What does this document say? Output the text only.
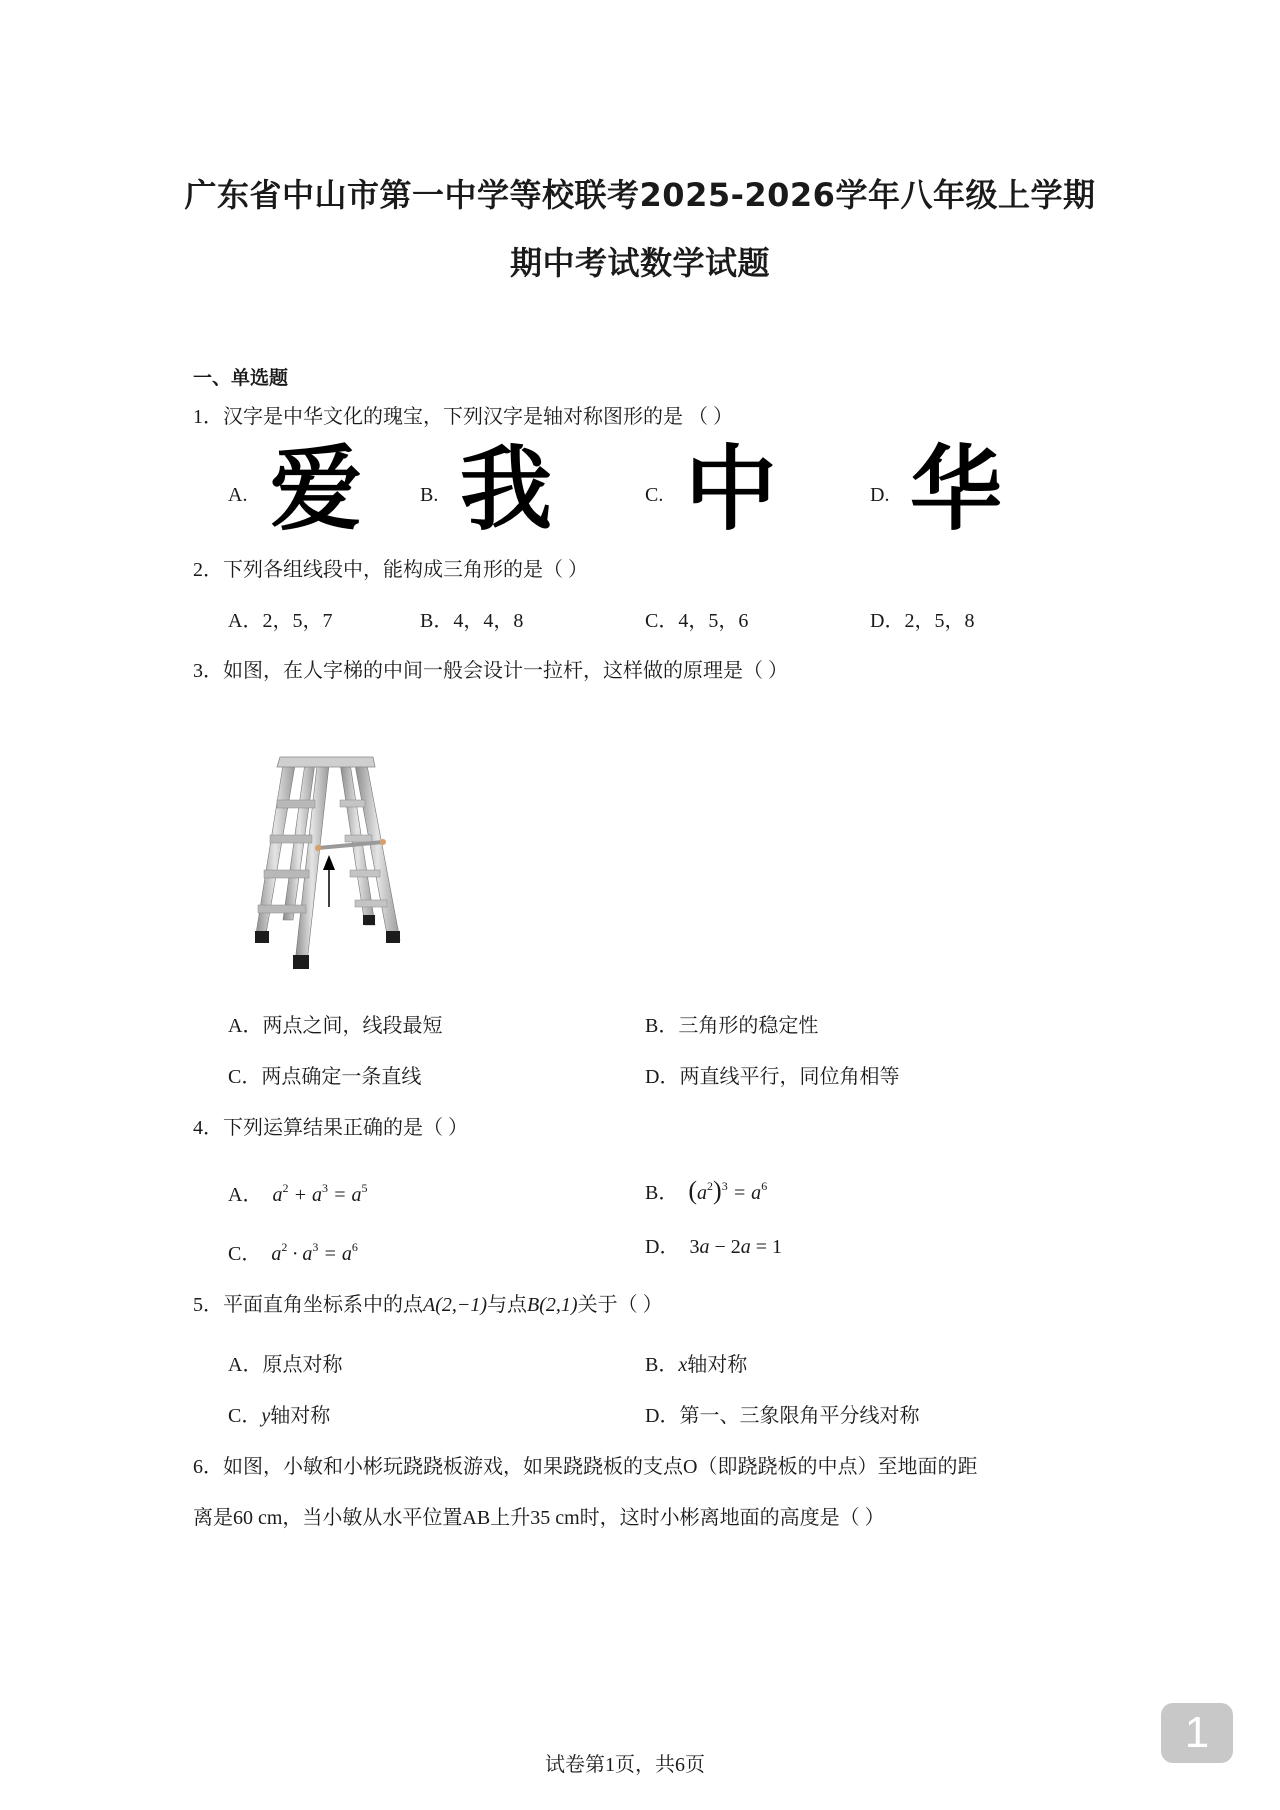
广东省中山市第一中学等校联考2025-2026学年八年级上学期
期中考试数学试题
一、单选题
1．汉字是中华文化的瑰宝，下列汉字是轴对称图形的是 （ ）
A. 爱	B. 我	C. 中	D. 华
2．下列各组线段中，能构成三角形的是（ ）
A．2，5，7	B．4，4，8	C．4，5，6	D．2，5，8
3．如图，在人字梯的中间一般会设计一拉杆，这样做的原理是（ ）
A．两点之间，线段最短	B．三角形的稳定性
C．两点确定一条直线	D．两直线平行，同位角相等
4．下列运算结果正确的是（ ）
A．  $a^2 + a^3 = a^5$	B． $(a^2)^3 = a^6$
C．  $a^2 \cdot a^3 = a^6$	D．  3a − 2a = 1
5．平面直角坐标系中的点A(2,−1)与点B(2,1)关于（ ）
A．原点对称	B．x轴对称
C．y轴对称	D．第一、三象限角平分线对称
6．如图，小敏和小彬玩跷跷板游戏，如果跷跷板的支点O（即跷跷板的中点）至地面的距
离是60 cm，当小敏从水平位置AB上升35 cm时，这时小彬离地面的高度是（ ）
试卷第1页，共6页
1
